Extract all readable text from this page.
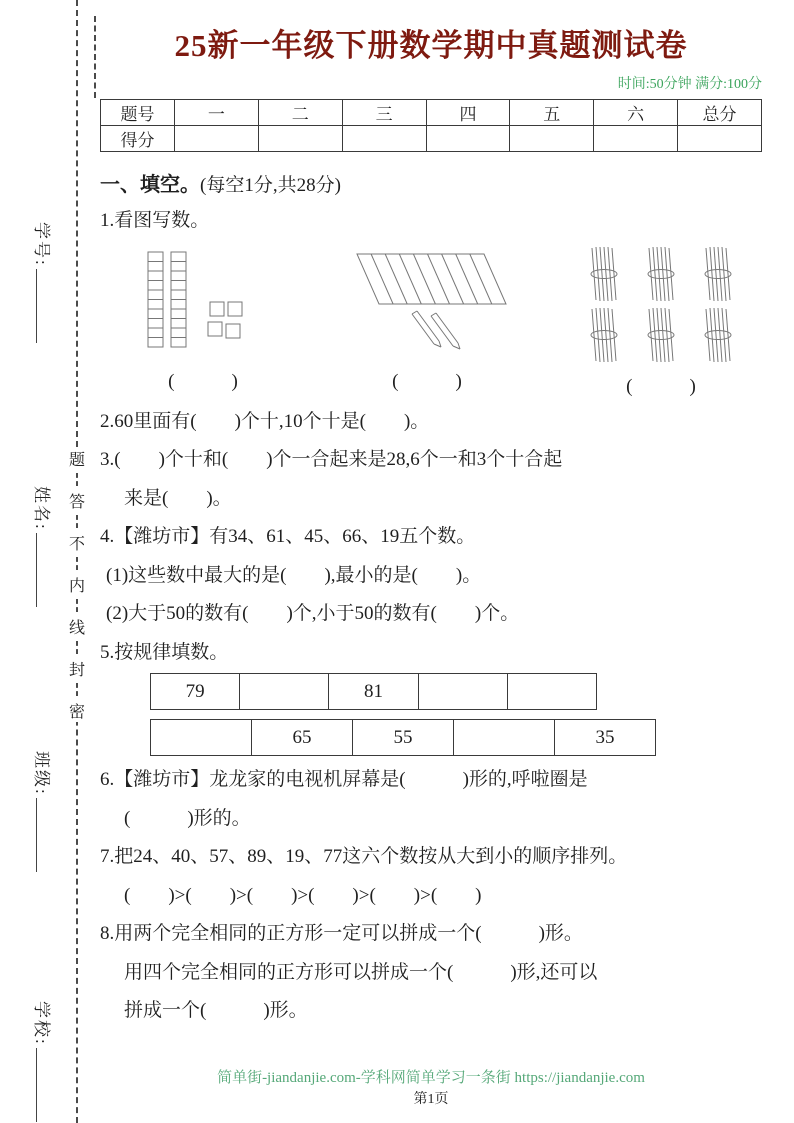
学号:
姓名:
班级:
学校:
题
答
不
内
线
封
密
25新一年级下册数学期中真题测试卷
时间:50分钟 满分:100分
题号	一	二	三	四	五	六	总分
得分							
一、填空。(每空1分,共28分)

1.看图写数。

(　　　)	(　　　)	(　　　)

2.60里面有(　　)个十,10个十是(　　)。

3.(　　)个十和(　　)个一合起来是28,6个一和3个十合起

来是(　　)。

4.【潍坊市】有34、61、45、66、19五个数。

(1)这些数中最大的是(　　),最小的是(　　)。

(2)大于50的数有(　　)个,小于50的数有(　　)个。

5.按规律填数。

79		81		
	65	55		35

6.【潍坊市】龙龙家的电视机屏幕是(　　　)形的,呼啦圈是

(　　　)形的。

7.把24、40、57、89、19、77这六个数按从大到小的顺序排列。

(　　)>(　　)>(　　)>(　　)>(　　)>(　　)

8.用两个完全相同的正方形一定可以拼成一个(　　　)形。

用四个完全相同的正方形可以拼成一个(　　　)形,还可以

拼成一个(　　　)形。

简单街-jiandanjie.com-学科网简单学习一条街 https://jiandanjie.com
第1页
